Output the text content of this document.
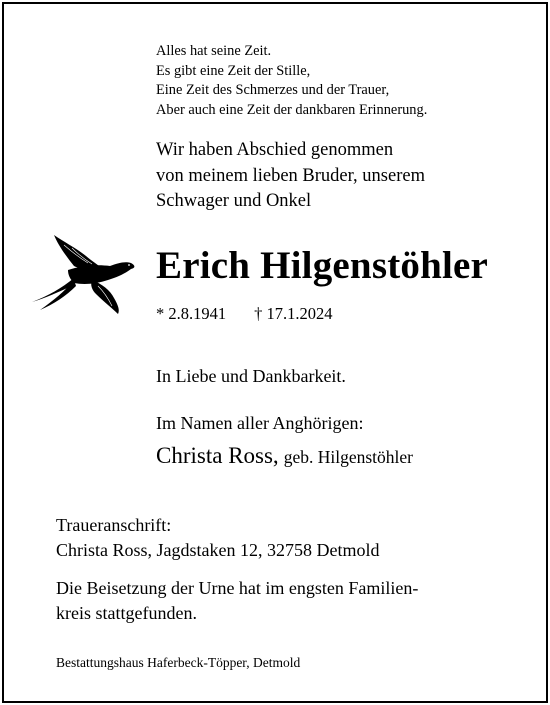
Alles hat seine Zeit.
Es gibt eine Zeit der Stille,
Eine Zeit des Schmerzes und der Trauer,
Aber auch eine Zeit der dankbaren Erinnerung.
Wir haben Abschied genommen
von meinem lieben Bruder, unserem
Schwager und Onkel
Erich Hilgenstöhler
* 2.8.1941 † 17.1.2024
In Liebe und Dankbarkeit.
Im Namen aller Anghörigen:
Christa Ross, geb. Hilgenstöhler
Traueranschrift:
Christa Ross, Jagdstaken 12, 32758 Detmold
Die Beisetzung der Urne hat im engsten Familien-
kreis stattgefunden.
Bestattungshaus Haferbeck-Töpper, Detmold
